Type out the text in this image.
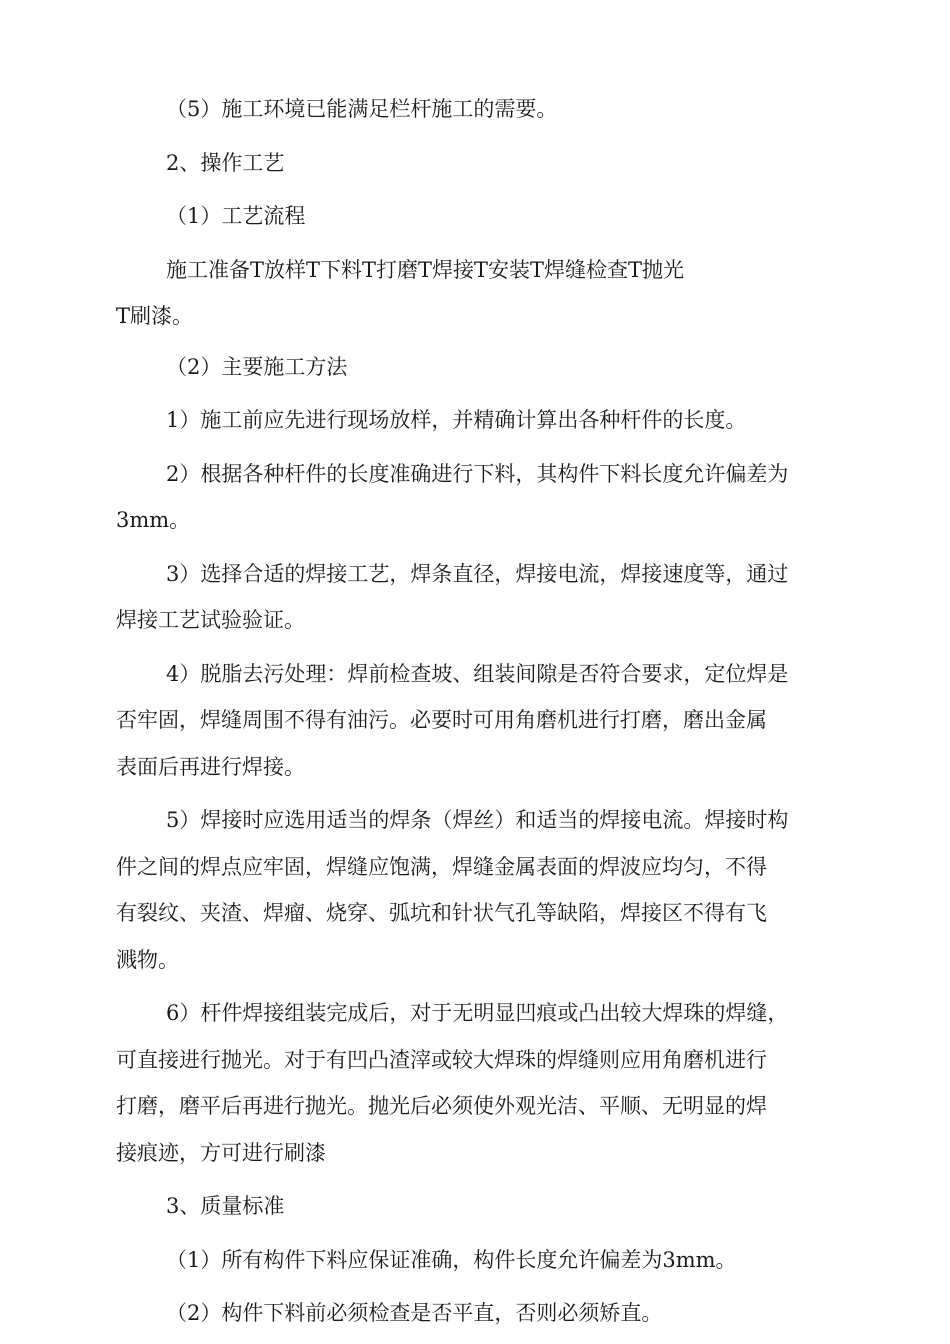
（5）施工环境已能满足栏杆施工的需要。
2、操作工艺
（1）工艺流程
施工准备T放样T下料T打磨T焊接T安装T焊缝检查T抛光
T刷漆。
（2）主要施工方法
1）施工前应先进行现场放样，并精确计算出各种杆件的长度。
2）根据各种杆件的长度准确进行下料，其构件下料长度允许偏差为
3mm。
3）选择合适的焊接工艺，焊条直径，焊接电流，焊接速度等，通过
焊接工艺试验验证。
4）脱脂去污处理：焊前检查坡、组装间隙是否符合要求，定位焊是
否牢固，焊缝周围不得有油污。必要时可用角磨机进行打磨，磨出金属
表面后再进行焊接。
5）焊接时应选用适当的焊条（焊丝）和适当的焊接电流。焊接时构
件之间的焊点应牢固，焊缝应饱满，焊缝金属表面的焊波应均匀，不得
有裂纹、夹渣、焊瘤、烧穿、弧坑和针状气孔等缺陷，焊接区不得有飞
溅物。
6）杆件焊接组装完成后，对于无明显凹痕或凸出较大焊珠的焊缝，
可直接进行抛光。对于有凹凸渣滓或较大焊珠的焊缝则应用角磨机进行
打磨，磨平后再进行抛光。抛光后必须使外观光洁、平顺、无明显的焊
接痕迹，方可进行刷漆
3、质量标准
（1）所有构件下料应保证准确，构件长度允许偏差为3mm。
（2）构件下料前必须检查是否平直，否则必须矫直。
